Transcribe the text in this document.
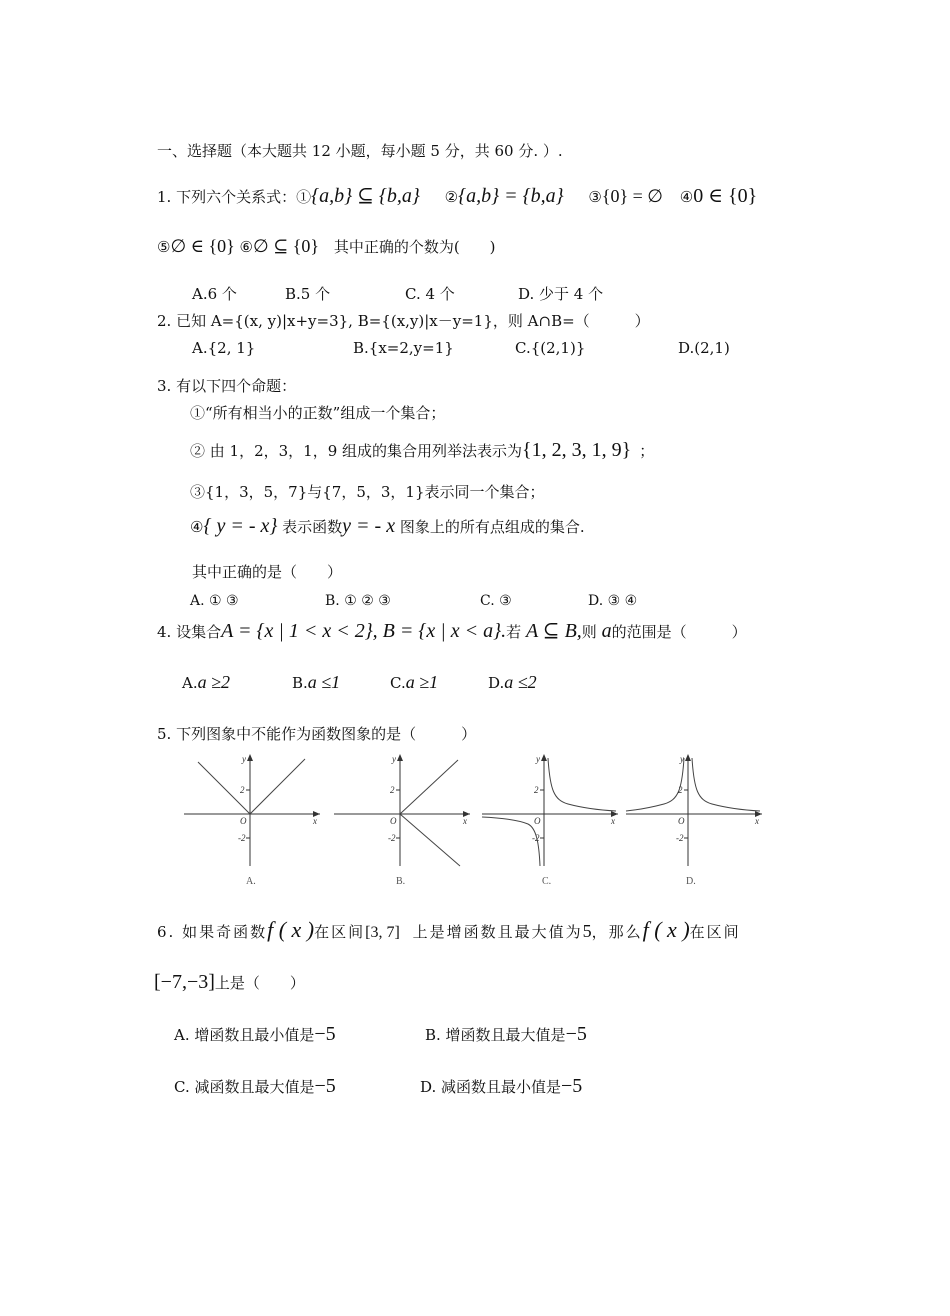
一、选择题（本大题共 12 小题，每小题 5 分，共 60 分. ）.
1. 下列六个关系式：①{a,b} ⊆ {b,a} ②{a,b} = {b,a} ③{0} = ∅ ④0 ∈ {0}
⑤∅ ∈ {0} ⑥∅ ⊆ {0} 其中正确的个数为(　　)
A.6 个	B.5 个	C. 4 个	D. 少于 4 个
2. 已知 A={(x, y)|x+y=3}, B={(x,y)|x－y=1}，则 A∩B=（　　　）
A.{2, 1}	B.{x=2,y=1}	C.{(2,1)}	D.(2,1)
3. 有以下四个命题：
①“所有相当小的正数”组成一个集合；
② 由 1，2，3，1，9 组成的集合用列举法表示为{1, 2, 3, 1, 9} ；
③{1，3，5，7}与{7，5，3，1}表示同一个集合；
④{ y = - x} 表示函数y = - x 图象上的所有点组成的集合.
其中正确的是（　　）
A. ① ③	B. ① ② ③	C. ③	D. ③ ④
4. 设集合A = {x | 1 < x < 2}, B = {x | x < a}.若 A ⊆ B,则 a的范围是（　　　）
A.a ≥2	B.a ≤1	C.a ≥1	D.a ≤2
5. 下列图象中不能作为函数图象的是（　　　）
2
-2
y
x
O
A.
2
-2
y
x
O
B.
2
-2
y
x
O
C.
2
-2
y
x
O
D.
6. 如果奇函数f ( x )在区间[3, 7] 上是增函数且最大值为5，那么f ( x )在区间
[−7,−3]上是（　　）
A. 增函数且最小值是−5	B. 增函数且最大值是−5
C. 减函数且最大值是−5	D. 减函数且最小值是−5
